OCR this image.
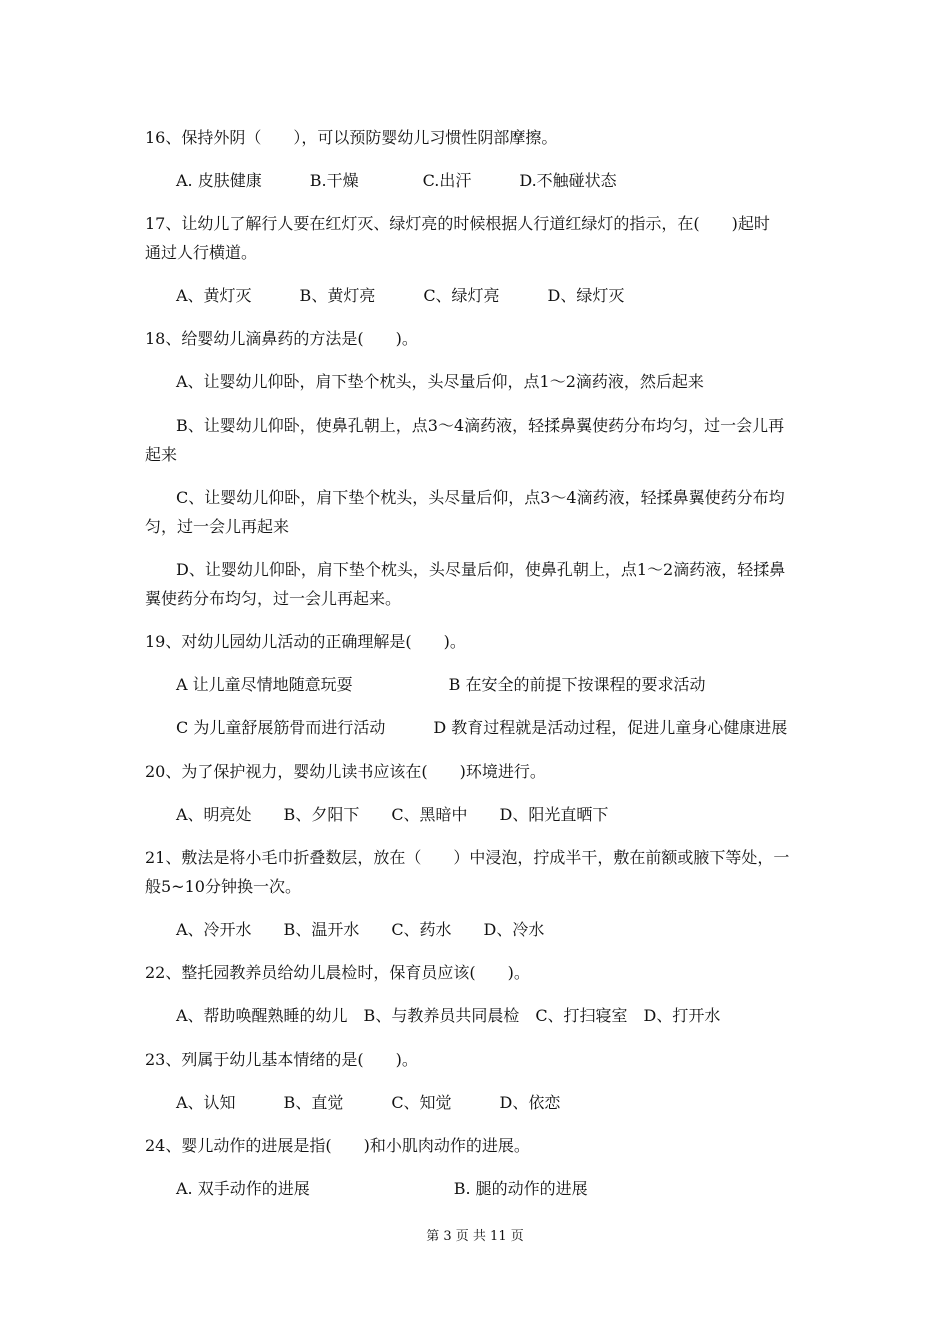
16、保持外阴（　　），可以预防婴幼儿习惯性阴部摩擦。
A. 皮肤健康　　　B.干燥　　　　C.出汗　　　D.不触碰状态
17、让幼儿了解行人要在红灯灭、绿灯亮的时候根据人行道红绿灯的指示，在(　　)起时
通过人行横道。
A、黄灯灭　　　B、黄灯亮　　　C、绿灯亮　　　D、绿灯灭
18、给婴幼儿滴鼻药的方法是(　　)。
A、让婴幼儿仰卧，肩下垫个枕头，头尽量后仰，点1～2滴药液，然后起来
B、让婴幼儿仰卧，使鼻孔朝上，点3～4滴药液，轻揉鼻翼使药分布均匀，过一会儿再
起来
C、让婴幼儿仰卧，肩下垫个枕头，头尽量后仰，点3～4滴药液，轻揉鼻翼使药分布均
匀，过一会儿再起来
D、让婴幼儿仰卧，肩下垫个枕头，头尽量后仰，使鼻孔朝上，点1～2滴药液，轻揉鼻
翼使药分布均匀，过一会儿再起来。
19、对幼儿园幼儿活动的正确理解是(　　)。
A 让儿童尽情地随意玩耍　　　　　　B 在安全的前提下按课程的要求活动
C 为儿童舒展筋骨而进行活动　　　D 教育过程就是活动过程，促进儿童身心健康进展
20、为了保护视力，婴幼儿读书应该在(　　)环境进行。
A、明亮处　　B、夕阳下　　C、黑暗中　　D、阳光直晒下
21、敷法是将小毛巾折叠数层，放在（　　）中浸泡，拧成半干，敷在前额或腋下等处，一
般5~10分钟换一次。
A、冷开水　　B、温开水　　C、药水　　D、冷水
22、整托园教养员给幼儿晨检时，保育员应该(　　)。
A、帮助唤醒熟睡的幼儿　B、与教养员共同晨检　C、打扫寝室　D、打开水
23、列属于幼儿基本情绪的是(　　)。
A、认知　　　B、直觉　　　C、知觉　　　D、依恋
24、婴儿动作的进展是指(　　)和小肌肉动作的进展。
A. 双手动作的进展　　　　　　　　　B. 腿的动作的进展
第 3 页 共 11 页
